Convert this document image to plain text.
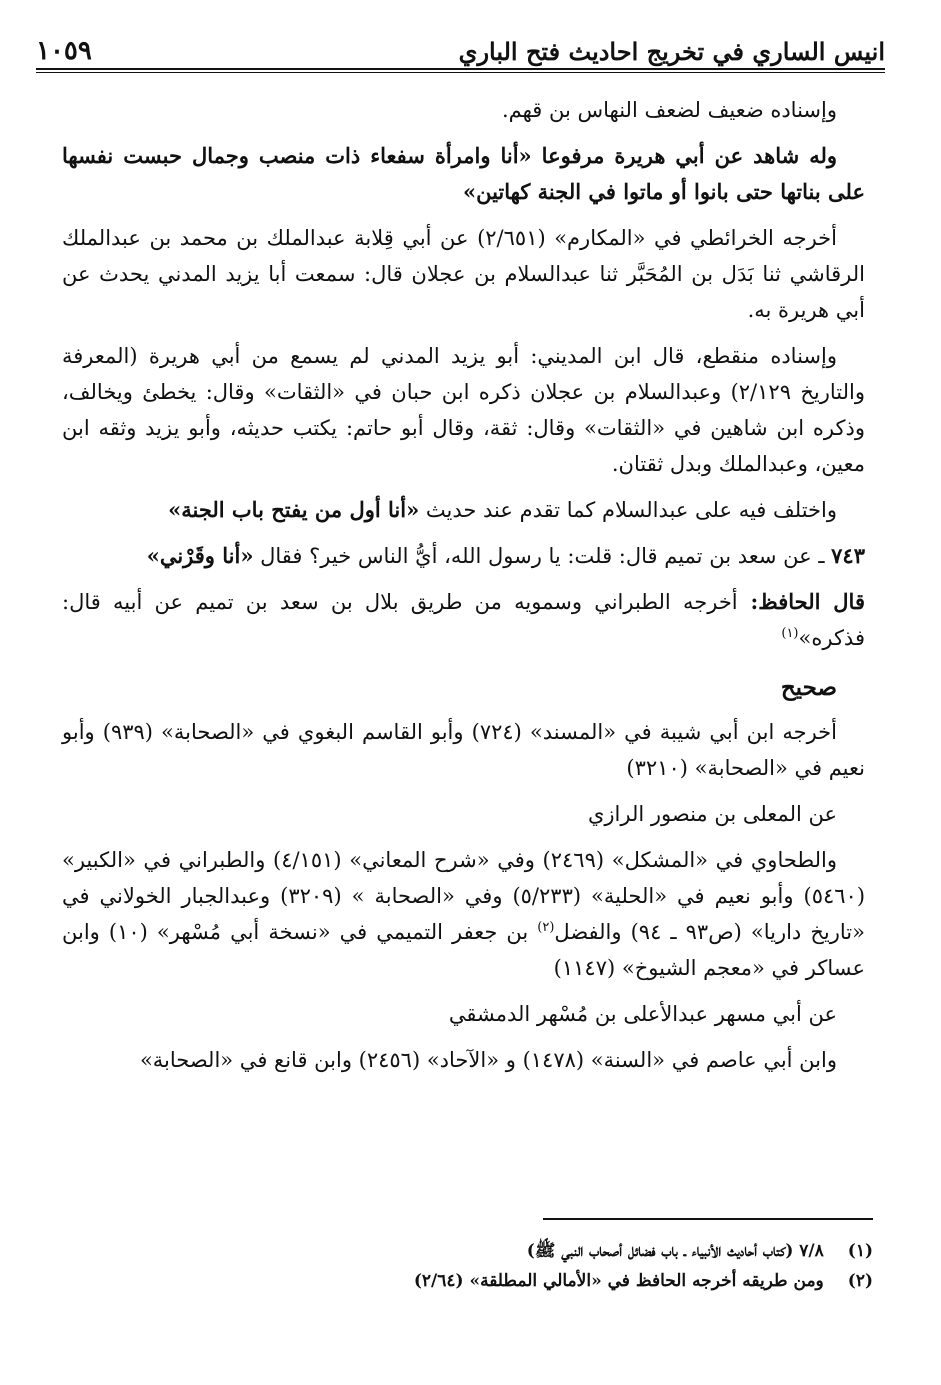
١٠٥٩	انيس الساري في تخريج احاديث فتح الباري

وإسناده ضعيف لضعف النهاس بن قهم.

وله شاهد عن أبي هريرة مرفوعا «أنا وامرأة سفعاء ذات منصب وجمال حبست نفسها على بناتها حتى بانوا أو ماتوا في الجنة كهاتين»

أخرجه الخرائطي في «المكارم» (٢/٦٥١) عن أبي قِلابة عبدالملك بن محمد بن عبدالملك الرقاشي ثنا بَدَل بن المُحَبَّر ثنا عبدالسلام بن عجلان قال: سمعت أبا يزيد المدني يحدث عن أبي هريرة به.

وإسناده منقطع، قال ابن المديني: أبو يزيد المدني لم يسمع من أبي هريرة (المعرفة والتاريخ ٢/١٢٩) وعبدالسلام بن عجلان ذكره ابن حبان في «الثقات» وقال: يخطئ ويخالف، وذكره ابن شاهين في «الثقات» وقال: ثقة، وقال أبو حاتم: يكتب حديثه، وأبو يزيد وثقه ابن معين، وعبدالملك وبدل ثقتان.

واختلف فيه على عبدالسلام كما تقدم عند حديث «أنا أول من يفتح باب الجنة»

٧٤٣ ـ عن سعد بن تميم قال: قلت: يا رسول الله، أيُّ الناس خير؟ فقال «أنا وقَرْني»

قال الحافظ: أخرجه الطبراني وسمويه من طريق بلال بن سعد بن تميم عن أبيه قال: فذكره»$^{(١)}$

صحيح

أخرجه ابن أبي شيبة في «المسند» (٧٢٤) وأبو القاسم البغوي في «الصحابة» (٩٣٩) وأبو نعيم في «الصحابة» (٣٢١٠)

عن المعلى بن منصور الرازي

والطحاوي في «المشكل» (٢٤٦٩) وفي «شرح المعاني» (٤/١٥١) والطبراني في «الكبير» (٥٤٦٠) وأبو نعيم في «الحلية» (٥/٢٣٣) وفي «الصحابة » (٣٢٠٩) وعبدالجبار الخولاني في «تاريخ داريا» (ص٩٣ ـ ٩٤) والفضل$^{(٢)}$ بن جعفر التميمي في «نسخة أبي مُسْهر» (١٠) وابن عساكر في «معجم الشيوخ» (١١٤٧)

عن أبي مسهر عبدالأعلى بن مُسْهر الدمشقي

وابن أبي عاصم في «السنة» (١٤٧٨) و «الآحاد» (٢٤٥٦) وابن قانع في «الصحابة»

(١)
٧/٨ (كتاب أحاديث الأنبياء ـ باب فضائل أصحاب النبي ﷺ)
(٢)
ومن طريقه أخرجه الحافظ في «الأمالي المطلقة» (٢/٦٤)
